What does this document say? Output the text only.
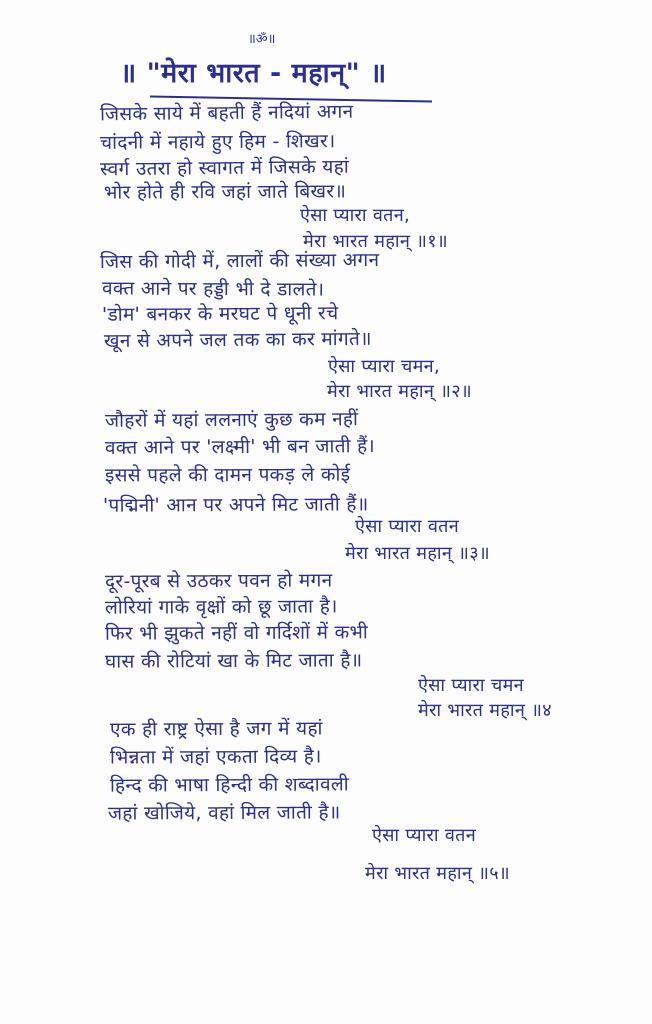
॥ॐ॥
॥ "मेरा भारत - महान्" ॥
जिसके साये में बहती हैं नदियां अगन
चांदनी में नहाये हुए हिम - शिखर।
स्वर्ग उतरा हो स्वागत में जिसके यहां
भोर होते ही रवि जहां जाते बिखर॥
ऐसा प्यारा वतन,
मेरा भारत महान् ॥१॥
जिस की गोदी में, लालों की संख्या अगन
वक्त आने पर हड्डी भी दे डालते।
'डोम' बनकर के मरघट पे धूनी रचे
खून से अपने जल तक का कर मांगते॥
ऐसा प्यारा चमन,
मेरा भारत महान् ॥२॥
जौहरों में यहां ललनाएं कुछ कम नहीं
वक्त आने पर 'लक्ष्मी' भी बन जाती हैं।
इससे पहले की दामन पकड़ ले कोई
'पद्मिनी' आन पर अपने मिट जाती हैं॥
ऐसा प्यारा वतन
मेरा भारत महान् ॥३॥
दूर-पूरब से उठकर पवन हो मगन
लोरियां गाके वृक्षों को छू जाता है।
फिर भी झुकते नहीं वो गर्दिशों में कभी
घास की रोटियां खा के मिट जाता है॥
ऐसा प्यारा चमन
मेरा भारत महान् ॥४
एक ही राष्ट्र ऐसा है जग में यहां
भिन्नता में जहां एकता दिव्य है।
हिन्द की भाषा हिन्दी की शब्दावली
जहां खोजिये, वहां मिल जाती है॥
ऐसा प्यारा वतन
मेरा भारत महान् ॥५॥
